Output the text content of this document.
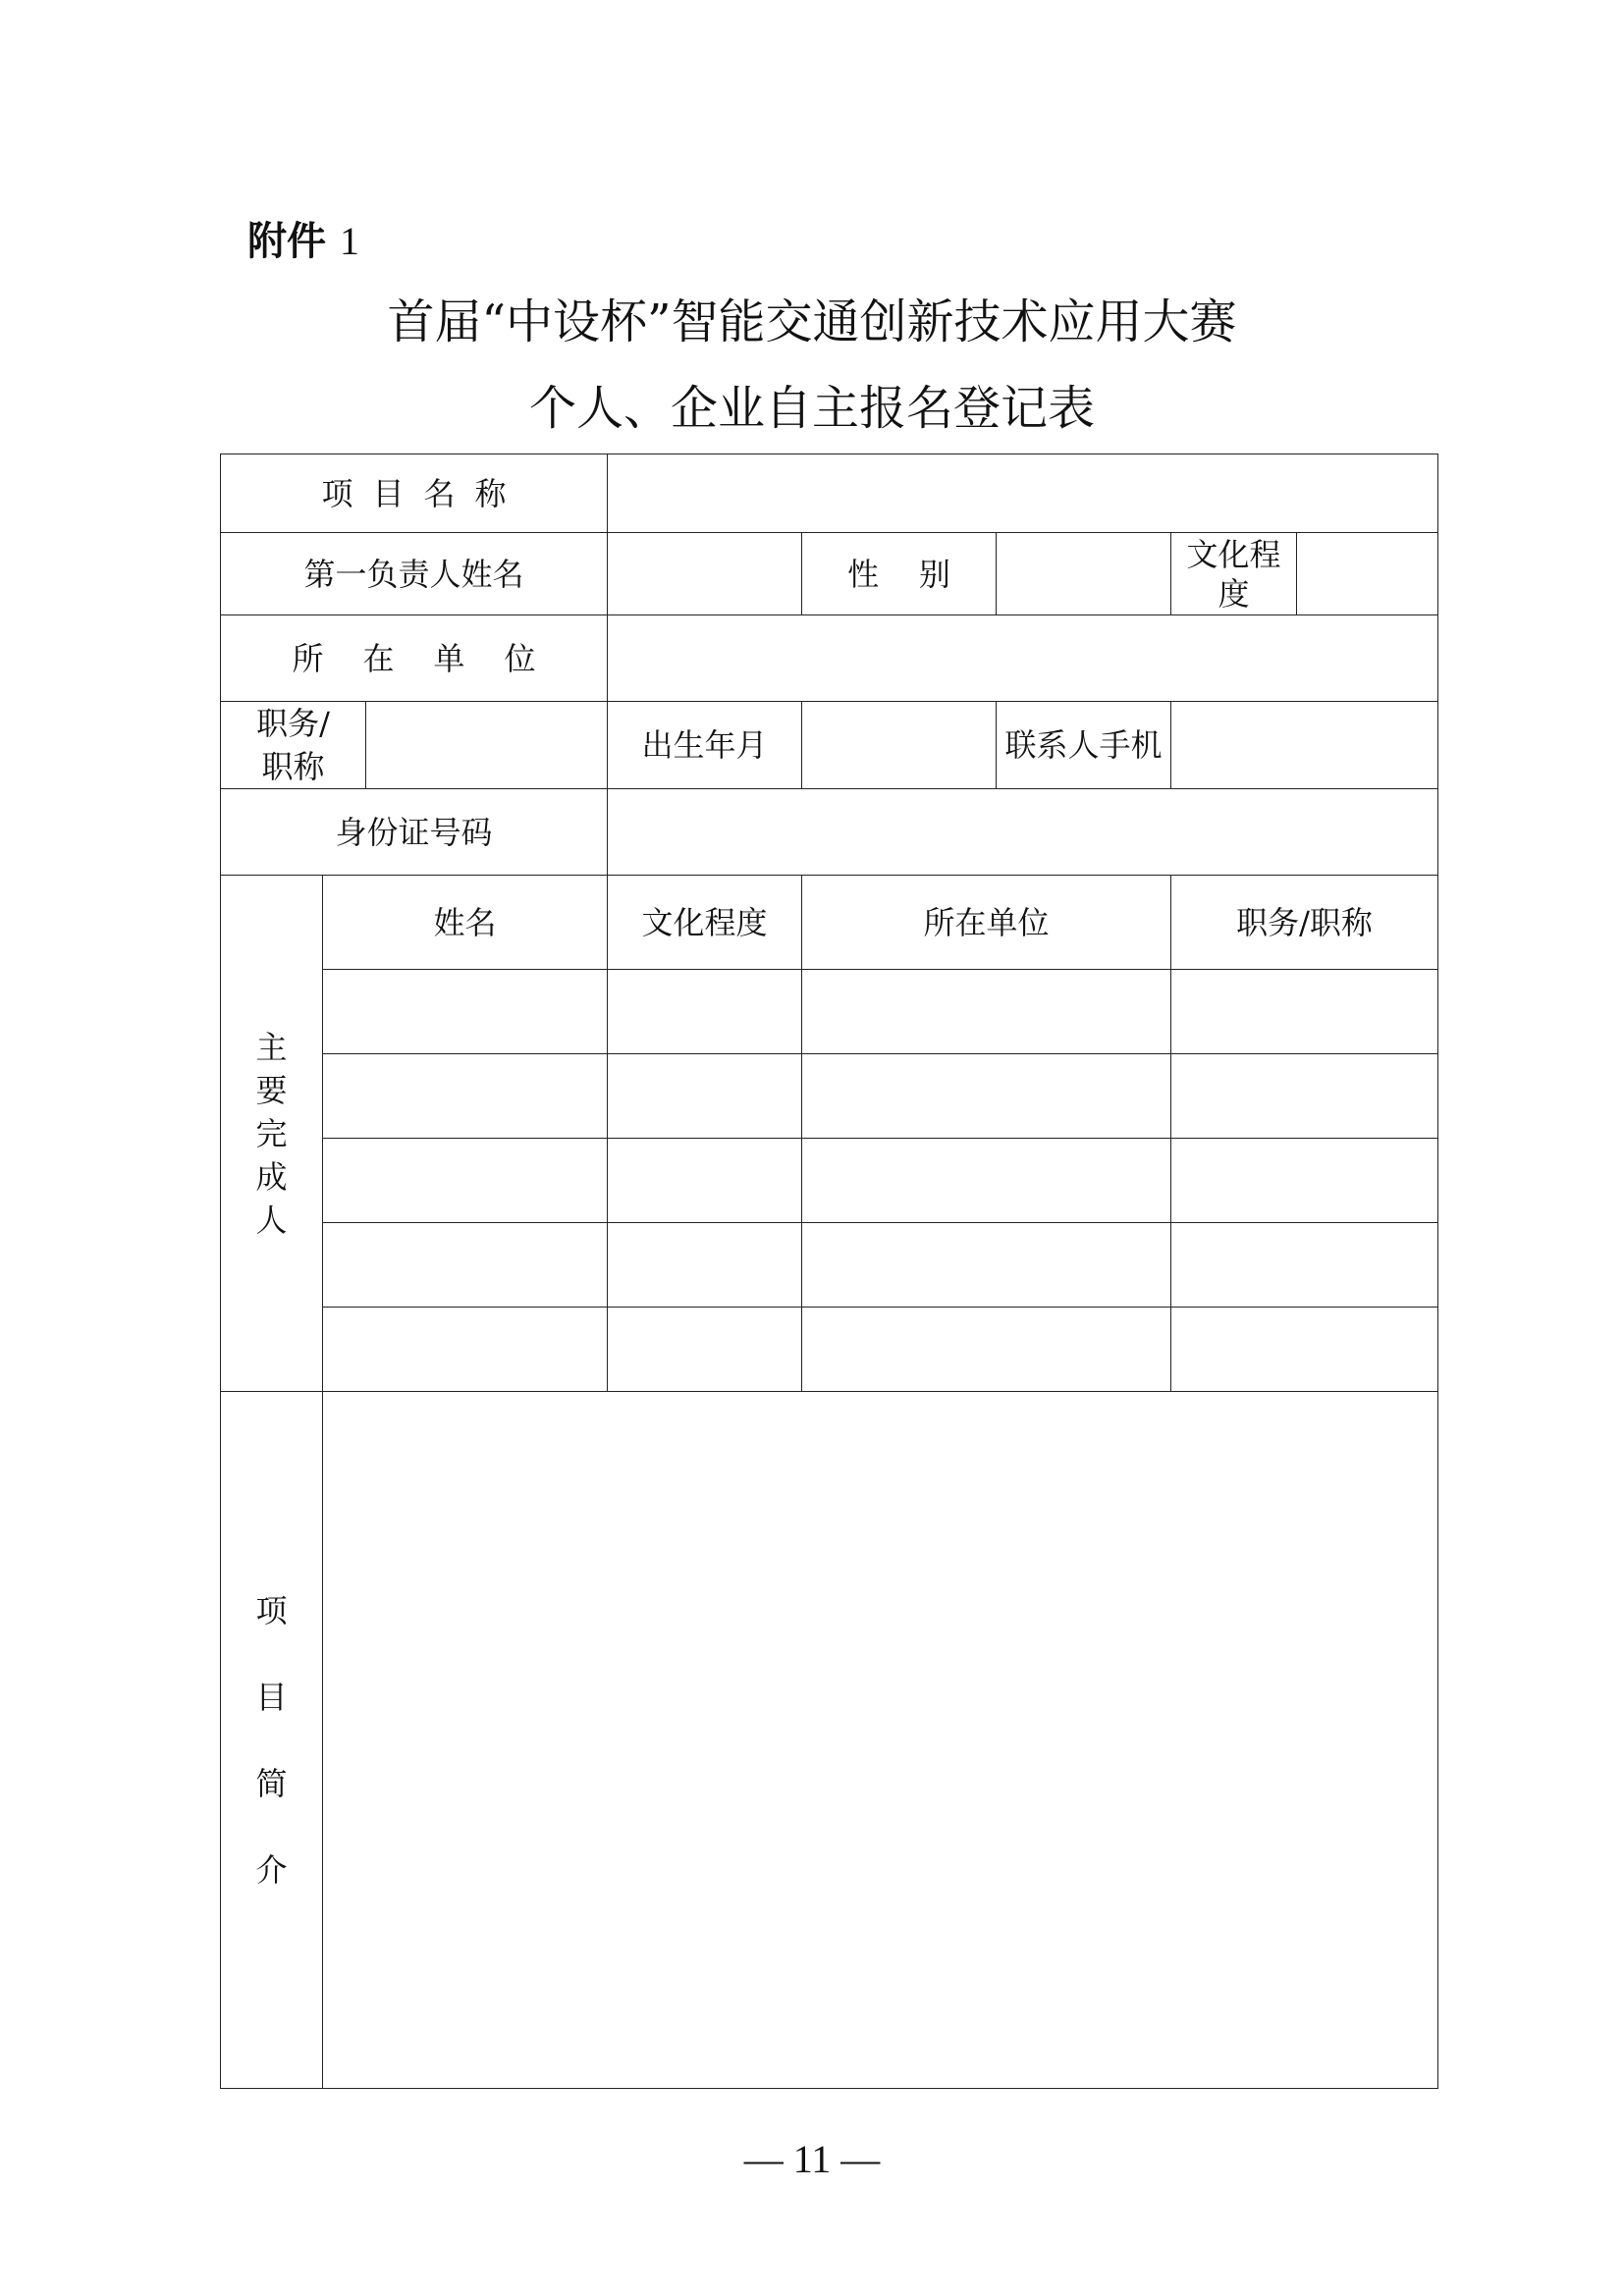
附件 1
首届“中设杯”智能交通创新技术应用大赛
个人、企业自主报名登记表
项目名称							
第一负责人姓名				性    别		文化程度	
所在单位							
职务/职称			出生年月		联系人手机		
身份证号码							
主要完成人	姓名		文化程度	所在单位		职务/职称	

项目简介							
— 11 —
